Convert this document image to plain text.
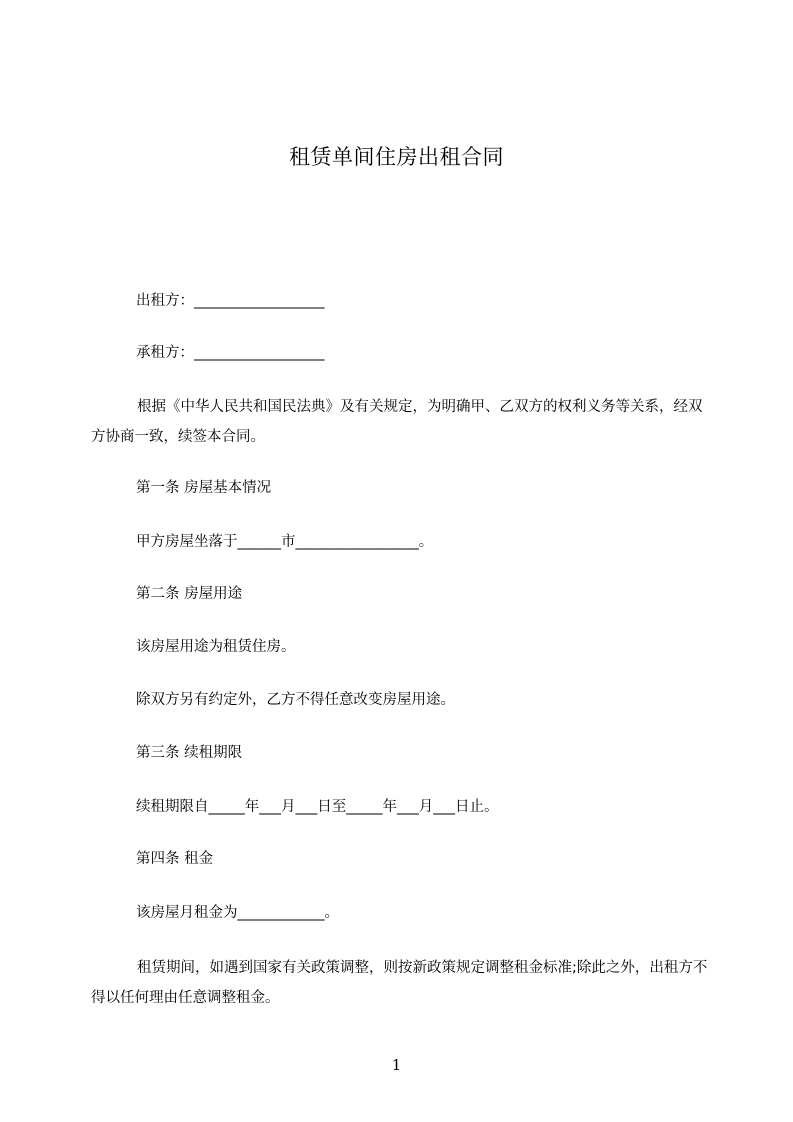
租赁单间住房出租合同
出租方：__________________
承租方：__________________
根据《中华人民共和国民法典》及有关规定，为明确甲、乙双方的权利义务等关系，经双方协商一致，续签本合同。
第一条 房屋基本情况
甲方房屋坐落于______市_________________。
第二条 房屋用途
该房屋用途为租赁住房。
除双方另有约定外，乙方不得任意改变房屋用途。
第三条 续租期限
续租期限自_____年___月___日至_____年___月___日止。
第四条 租金
该房屋月租金为____________。
租赁期间，如遇到国家有关政策调整，则按新政策规定调整租金标准;除此之外，出租方不得以任何理由任意调整租金。
1
